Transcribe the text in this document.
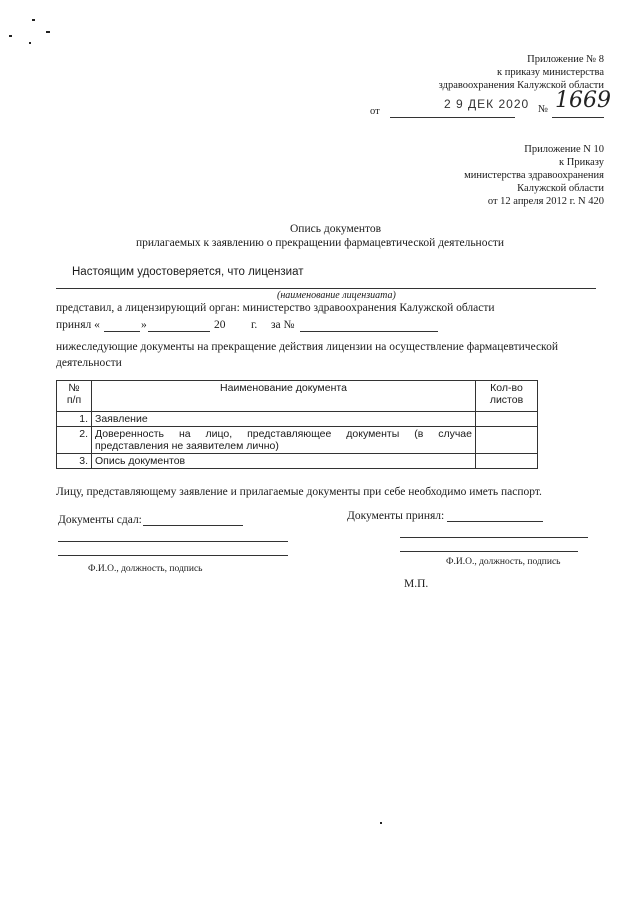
Приложение № 8
к приказу министерства
здравоохранения Калужской области
от
2 9 ДЕК 2020 № 1669
Приложение N 10
к Приказу
министерства здравоохранения
Калужской области
от 12 апреля 2012 г. N 420
Опись документов
прилагаемых к заявлению о прекращении фармацевтической деятельности
Настоящим удостоверяется, что лицензиат
(наименование лицензиата)
представил, а лицензирующий орган: министерство здравоохранения Калужской области
принял «	»	20 г. за №
нижеследующие документы на прекращение действия лицензии на осуществление фармацевтической
деятельности
№
п/п	Наименование документа	Кол-во
листов
1.	Заявление	
2.	Доверенность на лицо, представляющее документы (в случае представления не заявителем лично)	
3.	Опись документов	
Лицу, представляющему заявление и прилагаемые документы при себе необходимо иметь паспорт.
Документы сдал:	Документы принял:
Ф.И.О., должность, подпись
Ф.И.О., должность, подпись
М.П.
